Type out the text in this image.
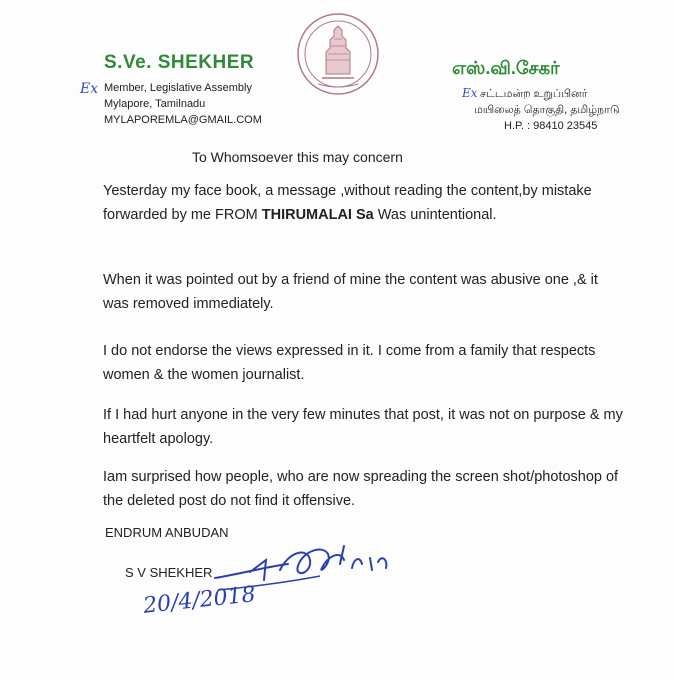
S.Ve. SHEKHER
Ex Member, Legislative Assembly
Mylapore, Tamilnadu
MYLAPOREMLA@GMAIL.COM
எஸ்.வி.சேகர்
Ex சட்டமன்ற உறுப்பினர்
மயிலைத் தொகுதி, தமிழ்நாடு
H.P. : 98410 23545
To Whomsoever this may concern
Yesterday my face book, a message ,without reading the content,by mistake forwarded by me FROM THIRUMALAI Sa Was unintentional.
When it was pointed out by a friend of mine the content was abusive one ,& it was removed immediately.
I do not endorse the views expressed in it. I come from a family that respects women & the women journalist.
If I had hurt anyone in the very few minutes that post, it was not on purpose & my heartfelt apology.
Iam surprised how people, who are now spreading the screen shot/photoshop of the deleted post do not find it offensive.
ENDRUM ANBUDAN
S V SHEKHER
20/4/2018
